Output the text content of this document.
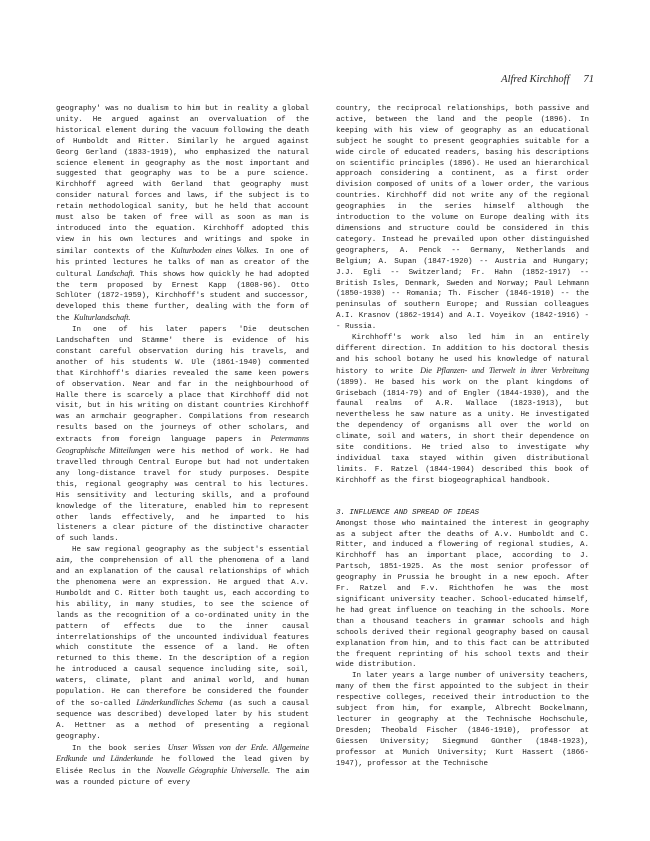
Alfred Kirchhoff 71

geography' was no dualism to him but in reality a global unity. He argued against an overvaluation of the historical element during the vacuum following the death of Humboldt and Ritter. Similarly he argued against Georg Gerland (1833-1919), who emphasized the natural science element in geography as the most important and suggested that geography was to be a pure science. Kirchhoff agreed with Gerland that geography must consider natural forces and laws, if the subject is to retain methodological sanity, but he held that account must also be taken of free will as soon as man is introduced into the equation. Kirchhoff adopted this view in his own lectures and writings and spoke in similar contexts of the Kulturboden eines Volkes. In one of his printed lectures he talks of man as creator of the cultural Landschaft. This shows how quickly he had adopted the term proposed by Ernest Kapp (1808-96). Otto Schlüter (1872-1959), Kirchhoff's student and successor, developed this theme further, dealing with the form of the Kulturlandschaft.

In one of his later papers 'Die deutschen Landschaften und Stämme' there is evidence of his constant careful observation during his travels, and another of his students W. Ule (1861-1940) commented that Kirchhoff's diaries revealed the same keen powers of observation. Near and far in the neighbourhood of Halle there is scarcely a place that Kirchhoff did not visit, but in his writing on distant countries Kirchhoff was an armchair geographer. Compilations from research results based on the journeys of other scholars, and extracts from foreign language papers in Petermanns Geographische Mitteilungen were his method of work. He had travelled through Central Europe but had not undertaken any long-distance travel for study purposes. Despite this, regional geography was central to his lectures. His sensitivity and lecturing skills, and a profound knowledge of the literature, enabled him to represent other lands effectively, and he imparted to his listeners a clear picture of the distinctive character of such lands.

He saw regional geography as the subject's essential aim, the comprehension of all the phenomena of a land and an explanation of the causal relationships of which the phenomena were an expression. He argued that A.v. Humboldt and C. Ritter both taught us, each according to his ability, in many studies, to see the science of lands as the recognition of a co-ordinated unity in the pattern of effects due to the inner causal interrelationships of the uncounted individual features which constitute the essence of a land. He often returned to this theme. In the description of a region he introduced a causal sequence including site, soil, waters, climate, plant and animal world, and human population. He can therefore be considered the founder of the so-called Länderkundliches Schema (as such a causal sequence was described) developed later by his student A. Hettner as a method of presenting a regional geography.

In the book series Unser Wissen von der Erde. Allgemeine Erdkunde und Länderkunde he followed the lead given by Elisée Reclus in the Nouvelle Géographie Universelle. The aim was a rounded picture of every

country, the reciprocal relationships, both passive and active, between the land and the people (1896). In keeping with his view of geography as an educational subject he sought to present geographies suitable for a wide circle of educated readers, basing his descriptions on scientific principles (1896). He used an hierarchical approach considering a continent, as a first order division composed of units of a lower order, the various countries. Kirchhoff did not write any of the regional geographies in the series himself although the introduction to the volume on Europe dealing with its dimensions and structure could be considered in this category. Instead he prevailed upon other distinguished geographers, A. Penck -- Germany, Netherlands and Belgium; A. Supan (1847-1920) -- Austria and Hungary; J.J. Egli -- Switzerland; Fr. Hahn (1852-1917) -- British Isles, Denmark, Sweden and Norway; Paul Lehmann (1850-1930) -- Romania; Th. Fischer (1846-1910) -- the peninsulas of southern Europe; and Russian colleagues A.I. Krasnov (1862-1914) and A.I. Voyeikov (1842-1916) -- Russia.

Kirchhoff's work also led him in an entirely different direction. In addition to his doctoral thesis and his school botany he used his knowledge of natural history to write Die Pflanzen- und Tierwelt in ihrer Verbreitung (1899). He based his work on the plant kingdoms of Grisebach (1814-79) and of Engler (1844-1930), and the faunal realms of A.R. Wallace (1823-1913), but nevertheless he saw nature as a unity. He investigated the dependency of organisms all over the world on climate, soil and waters, in short their dependence on site conditions. He tried also to investigate why individual taxa stayed within given distributional limits. F. Ratzel (1844-1904) described this book of Kirchhoff as the first biogeographical handbook.

3. INFLUENCE AND SPREAD OF IDEAS

Amongst those who maintained the interest in geography as a subject after the deaths of A.v. Humboldt and C. Ritter, and induced a flowering of regional studies, A. Kirchhoff has an important place, according to J. Partsch, 1851-1925. As the most senior professor of geography in Prussia he brought in a new epoch. After Fr. Ratzel and F.v. Richthofen he was the most significant university teacher. School-educated himself, he had great influence on teaching in the schools. More than a thousand teachers in grammar schools and high schools derived their regional geography based on causal explanation from him, and to this fact can be attributed the frequent reprinting of his school texts and their wide distribution.

In later years a large number of university teachers, many of them the first appointed to the subject in their respective colleges, received their introduction to the subject from him, for example, Albrecht Bockelmann, lecturer in geography at the Technische Hochschule, Dresden; Theobald Fischer (1846-1910), professor at Giessen University; Siegmund Günther (1848-1923), professor at Munich University; Kurt Hassert (1866-1947), professor at the Technische
